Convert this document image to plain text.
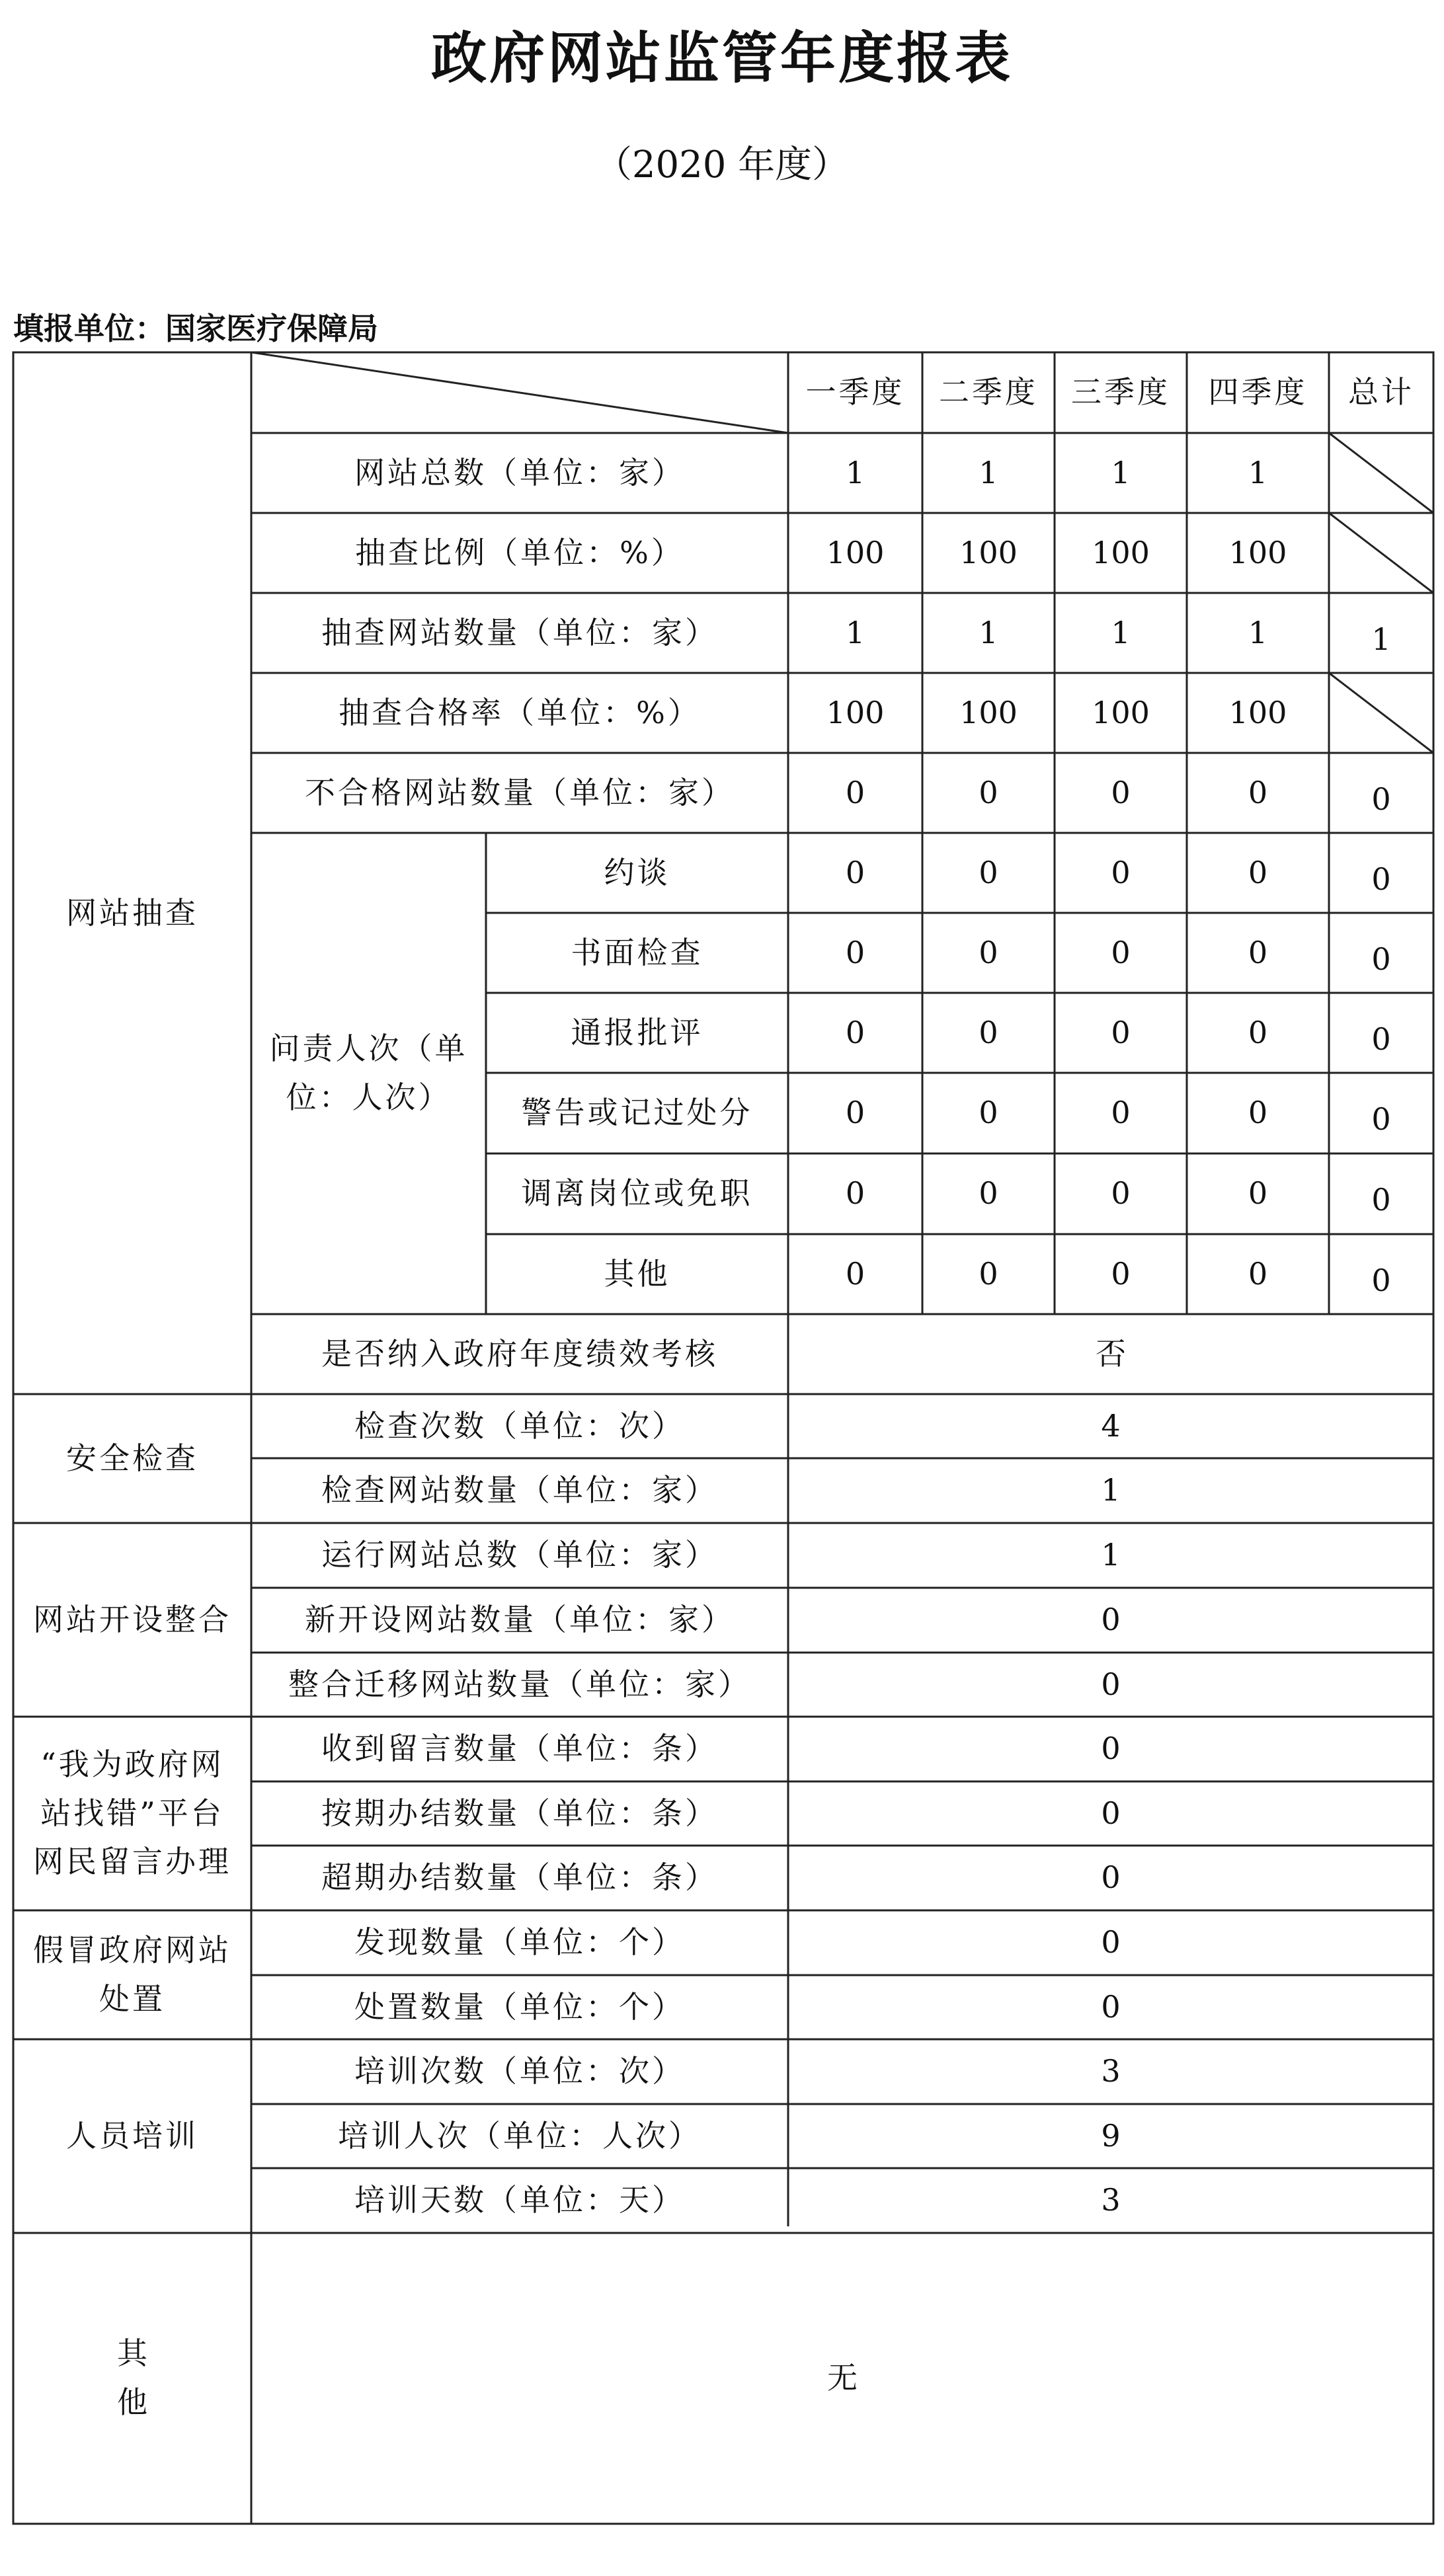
政府网站监管年度报表
（2020 年度）
填报单位：国家医疗保障局
一季度	二季度	三季度	四季度	总计
网站抽查
网站总数（单位：家）	1	1	1	1
抽查比例（单位：%）	100	100	100	100
抽查网站数量（单位：家）	1	1	1	1	1
抽查合格率（单位：%）	100	100	100	100
不合格网站数量（单位：家）	0	0	0	0	0
问责人次（单位：人次）
约谈	0	0	0	0	0
书面检查	0	0	0	0	0
通报批评	0	0	0	0	0
警告或记过处分	0	0	0	0	0
调离岗位或免职	0	0	0	0	0
其他	0	0	0	0	0
是否纳入政府年度绩效考核	否
安全检查
检查次数（单位：次）	4
检查网站数量（单位：家）	1
网站开设整合
运行网站总数（单位：家）	1
新开设网站数量（单位：家）	0
整合迁移网站数量（单位：家）	0
“我为政府网站找错”平台网民留言办理
收到留言数量（单位：条）	0
按期办结数量（单位：条）	0
超期办结数量（单位：条）	0
假冒政府网站处置
发现数量（单位：个）	0
处置数量（单位：个）	0
人员培训
培训次数（单位：次）	3
培训人次（单位：人次）	9
培训天数（单位：天）	3
其他
无
